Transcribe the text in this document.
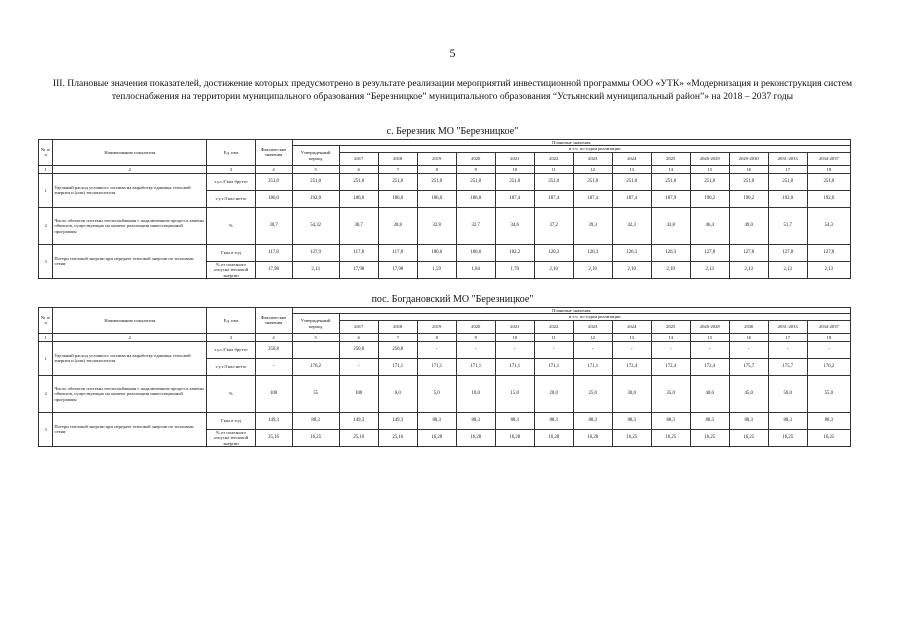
5
III. Плановые значения показателей, достижение которых предусмотрено в результате реализации мероприятий инвестиционной программы ООО «УТК» «Модернизация и реконструкция систем теплоснабжения на территории муниципального образования “Березницкое” муниципального образования “Устьянский муниципальный район”» на 2018 – 2037 годы
с. Березник МО "Березницкое"
№ п/п	Наименование показателя	Ед. изм	Фактические значения	Плановые значения													
				Утвержденный период	в т.ч. по годам реализации												
					2017	2018	2019	2020	2021	2022	2023	2024	2025	2026-2029	2029-2030	2031-2033	2034-2037
1	2	3	4	5	6	7	8	9	10	11	12	13	14	15	16	17	18
1	Удельный расход условного топлива на выработку единицы тепловой энергии и (или) теплоносителя	т.у.т./Гкал брутто	251,0	251,0	251,0	251,0	251,0	251,0	251,0	251,0	251,0	251,0	251,0	251,0	251,0	251,0	251,0
		т.у.т./Гкал нетто	186,0	192,0	186,0	186,0	186,0	186,0	187,4	187,4	187,4	187,4	187,9	190,2	190,2	192,0	192,0
2	Число объектов системы теплоснабжения с подключением процесса замены объектов, существующих на момент реализации инвестиционной программы	%	30,7	54,32	30,7	30,8	32,8	32,7	34,6	37,2	39,3	42,3	43,8	46,4	49,0	51,7	54,3
3	Потери тепловой энергии при передаче тепловой энергии по тепловым сетям	Гкал в год	117,8	127,9	117,8	117,8	100,6	100,6	102,2	120,3	126,3	126,3	126,3	127,8	127,8	127,8	127,8
		% от полезного отпуска тепловой энергии	17,98	2,13	17,98	17,98	1,59	1,84	1,70	2,10	2,10	2,10	2,10	2,13	2,13	2,13	2,13
пос. Богдановский МО "Березницкое"
№ п/п	Наименование показателя	Ед. изм	Фактические значения	Плановые значения													
				Утвержденный период	в т.ч. по годам реализации												
					2017	2018	2019	2020	2021	2022	2023	2024	2025	2026-2028	2030	2031-2033	2034-2037
1	2	3	4	5	6	7	8	9	10	11	12	13	14	15	16	17	18
1	Удельный расход условного топлива на выработку единицы тепловой энергии и (или) теплоносителя	т.у.т./Гкал брутто	250,8		250,8	250,8	-	-	-	-	-	-	-	-	-	-	-
		т.у.т./Гкал нетто	-	176,2	-	171,1	171,1	171,1	171,1	171,1	171,1	172,4	172,4	172,4	175,7	175,7	176,2
2	Число объектов системы теплоснабжения с подключением процесса замены объектов, существующих на момент реализации инвестиционной программы	%	100	55	100	0,0	5,0	10,0	15,0	20,0	25,0	30,0	35,0	40,0	45,0	50,0	55,0
3	Потери тепловой энергии при передаче тепловой энергии по тепловым сетям	Гкал в год	149,3	88,3	149,3	149,3	88,3	88,3	88,3	88,3	88,3	88,3	88,3	88,3	88,3	88,3	88,3
		% от полезного отпуска тепловой энергии	25,16	16,25	25,16	25,16	16,28	16,28	16,28	16,28	16,28	16,25	16,25	16,25	16,25	16,25	16,25
